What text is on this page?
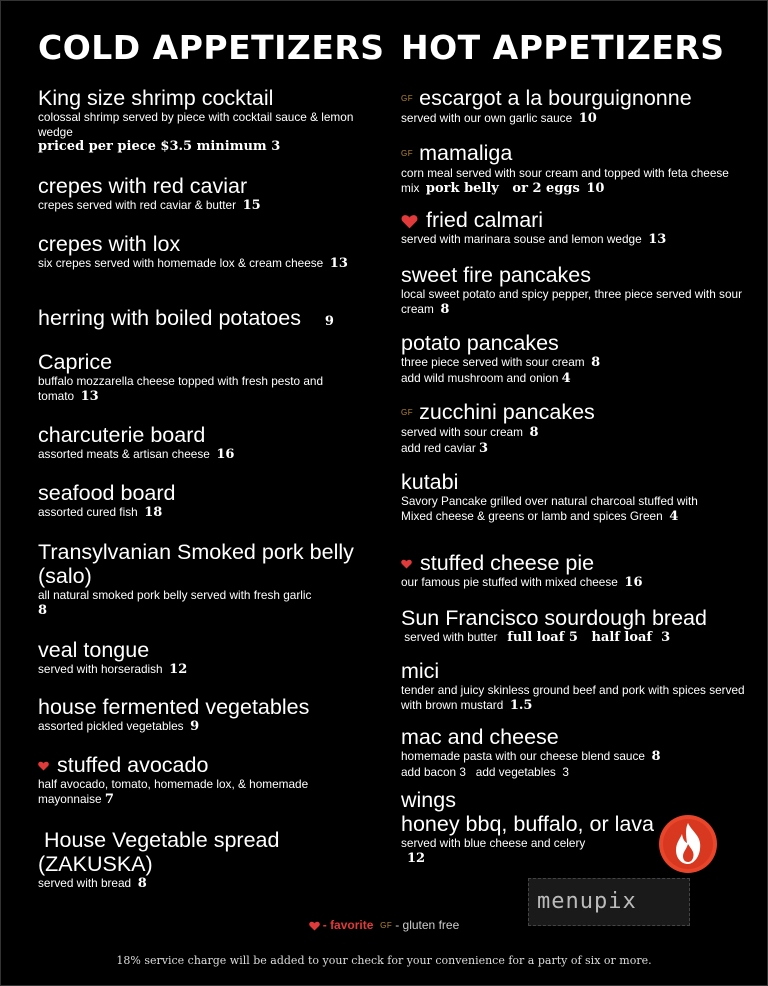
COLD APPETIZERS HOT APPETIZERS
King size shrimp cocktail
colossal shrimp served by piece with cocktail sauce & lemon wedge
priced per piece $3.5 minimum 3
crepes with red caviar
crepes served with red caviar & butter 15
crepes with lox
six crepes served with homemade lox & cream cheese 13
herring with boiled potatoes 9
Caprice
buffalo mozzarella cheese topped with fresh pesto and tomato 13
charcuterie board
assorted meats & artisan cheese 16
seafood board
assorted cured fish 18
Transylvanian Smoked pork belly
(salo)
all natural smoked pork belly served with fresh garlic
8
veal tongue
served with horseradish 12
house fermented vegetables
assorted pickled vegetables 9
stuffed avocado
half avocado, tomato, homemade lox, & homemade mayonnaise 7
House Vegetable spread
(ZAKUSKA)
served with bread 8
GF escargot a la bourguignonne
served with our own garlic sauce 10
GF mamaliga
corn meal served with sour cream and topped with feta cheese mix pork belly   or 2 eggs 10
fried calmari
served with marinara souse and lemon wedge 13
sweet fire pancakes
local sweet potato and spicy pepper, three piece served with sour cream 8
potato pancakes
three piece served with sour cream 8
add wild mushroom and onion 4
GF zucchini pancakes
served with sour cream 8
add red caviar 3
kutabi
Savory Pancake grilled over natural charcoal stuffed with Mixed cheese & greens or lamb and spices Green 4
stuffed cheese pie
our famous pie stuffed with mixed cheese 16
Sun Francisco sourdough bread
served with butter full loaf 5   half loaf  3
mici
tender and juicy skinless ground beef and pork with spices served with brown mustard 1.5
mac and cheese
homemade pasta with our cheese blend sauce 8
add bacon 3   add vegetables  3
wings
honey bbq, buffalo, or lava
served with blue cheese and celery
12
menupix
- favorite GF - gluten free
18% service charge will be added to your check for your convenience for a party of six or more.
